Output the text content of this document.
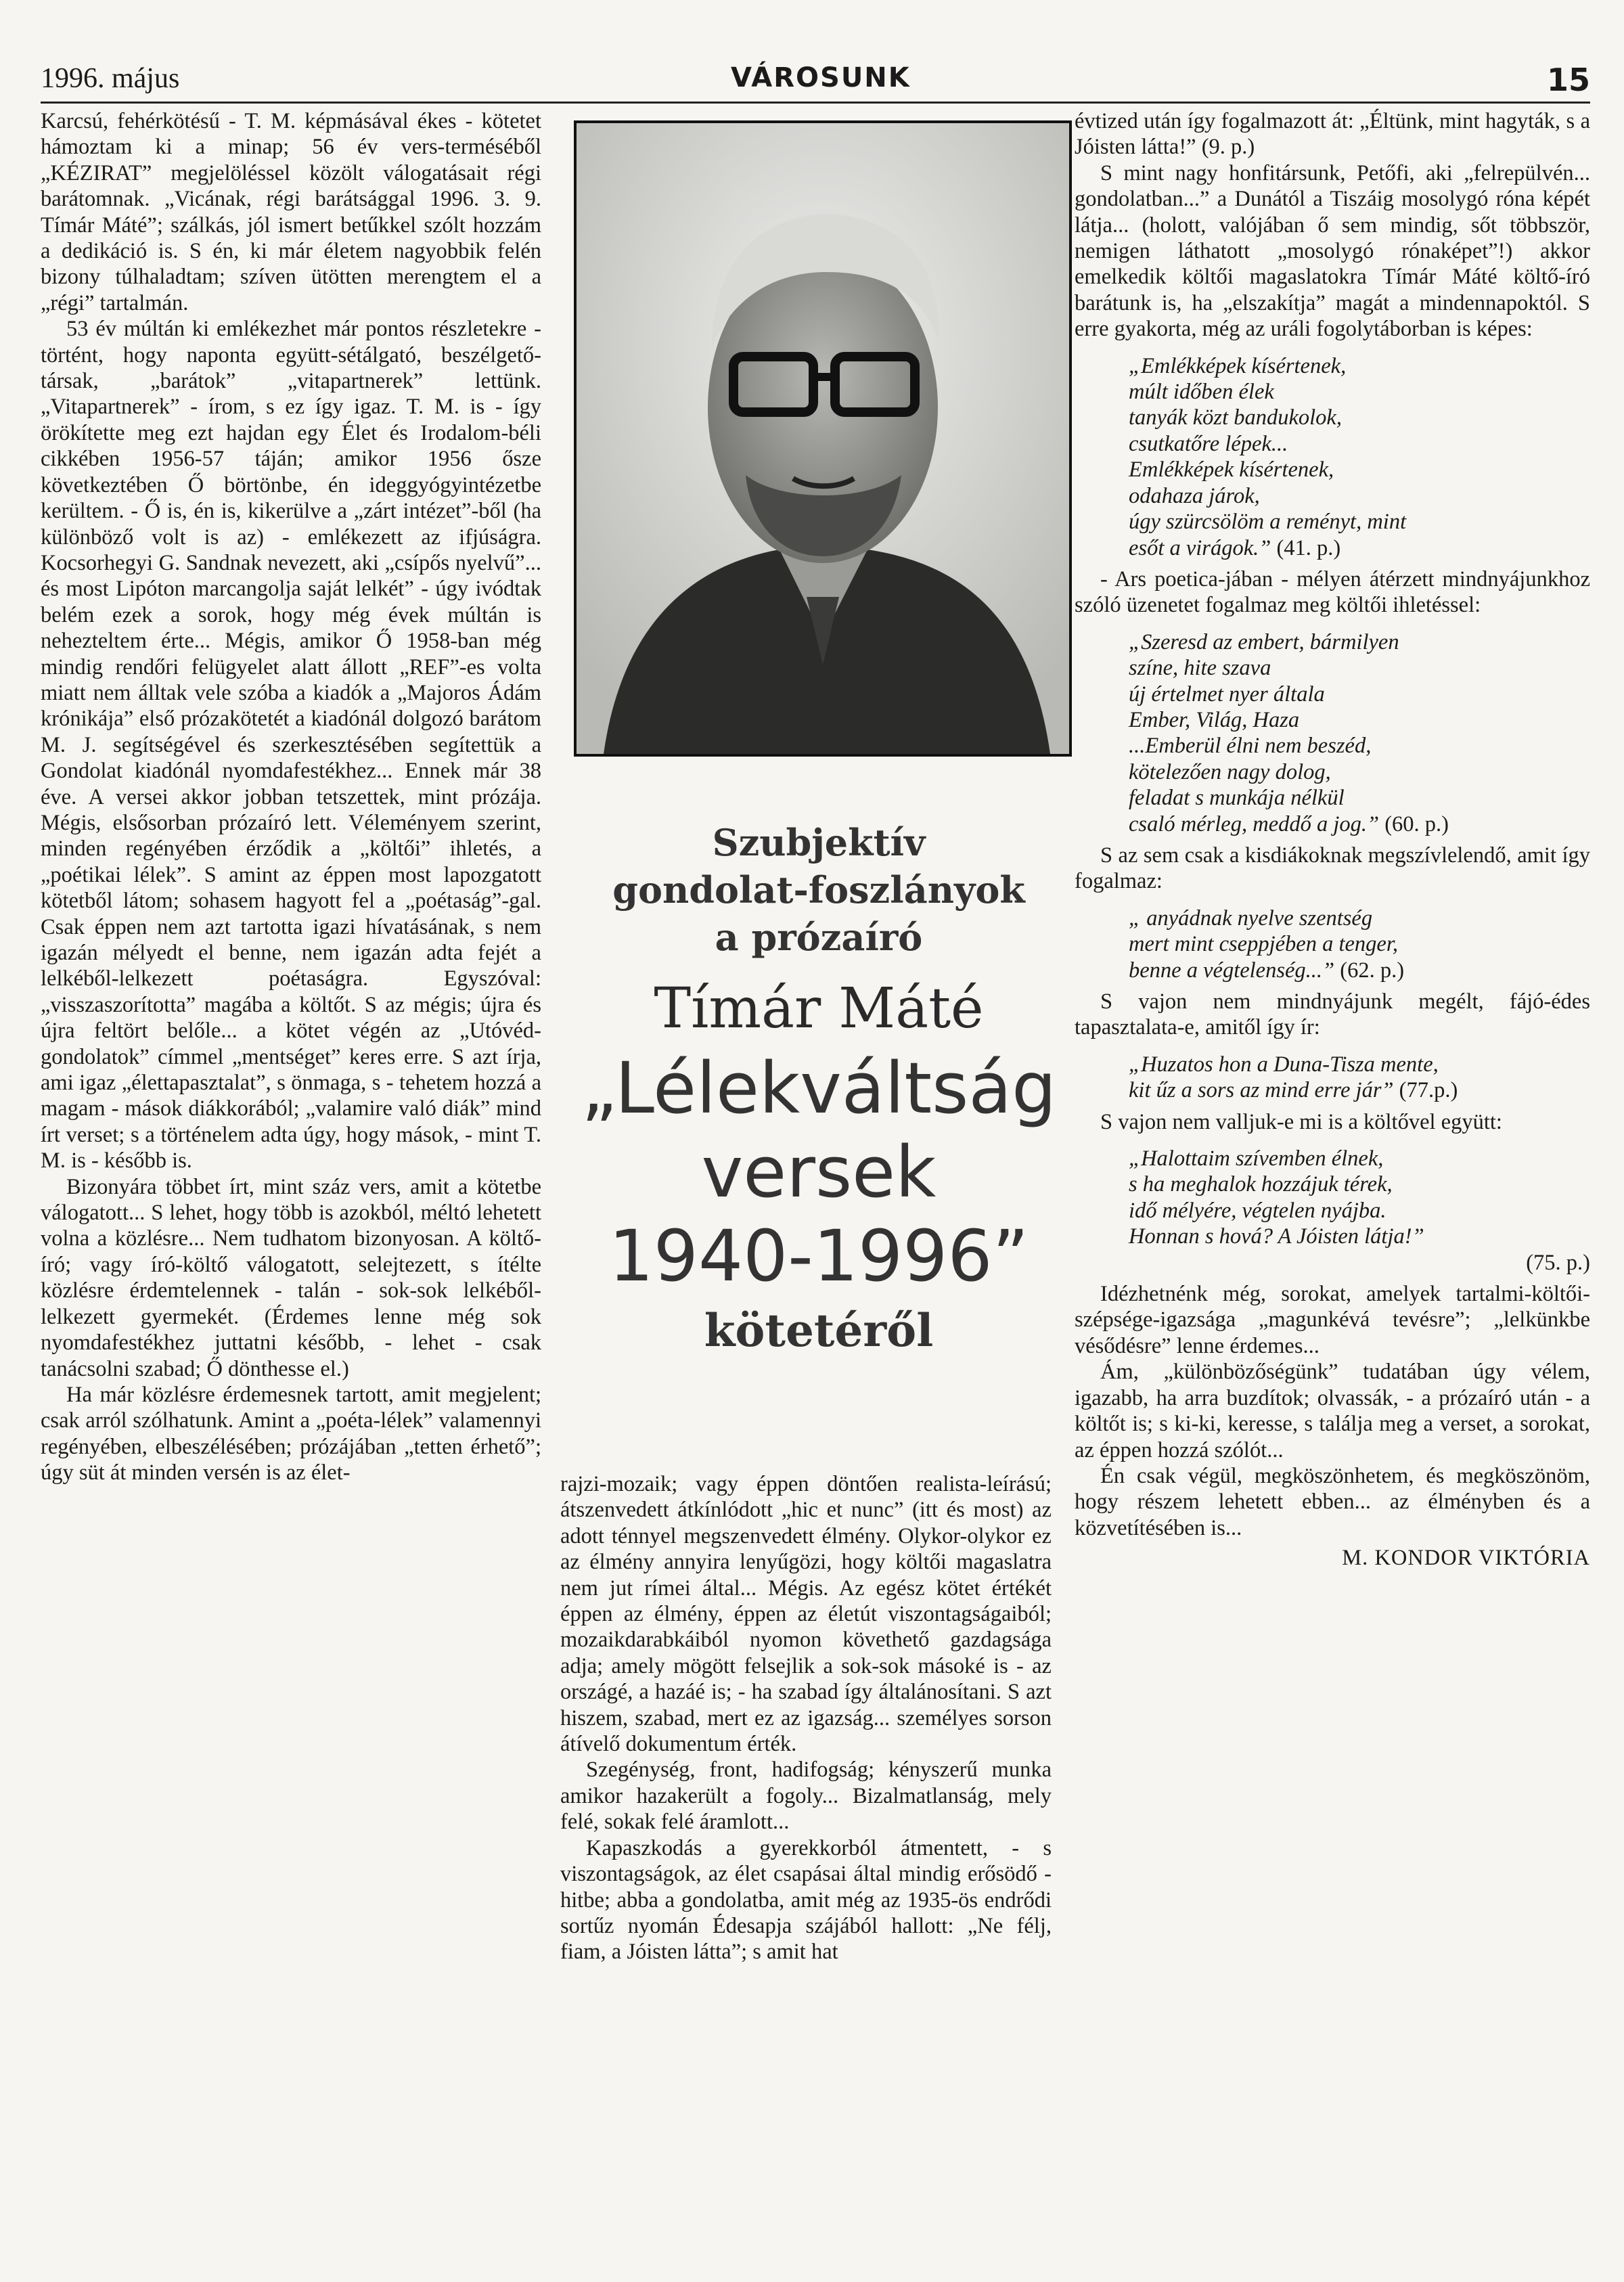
1996. május	VÁROSUNK	15

Karcsú, fehérkötésű - T. M. képmásával ékes - kötetet hámoztam ki a minap; 56 év vers-terméséből „KÉZIRAT” megjelöléssel közölt válogatásait régi barátomnak. „Vicának, régi barátsággal 1996. 3. 9. Tímár Máté”; szálkás, jól ismert betűkkel szólt hozzám a dedikáció is. S én, ki már életem nagyobbik felén bizony túlhaladtam; szíven ütötten merengtem el a „régi” tartalmán.

53 év múltán ki emlékezhet már pontos részletekre - történt, hogy naponta együtt-sétálgató, beszélgető-társak, „barátok” „vitapartnerek” lettünk. „Vitapartnerek” - írom, s ez így igaz. T. M. is - így örökítette meg ezt hajdan egy Élet és Irodalom-béli cikkében 1956-57 táján; amikor 1956 ősze következtében Ő börtönbe, én ideggyógyintézetbe kerültem. - Ő is, én is, kikerülve a „zárt intézet”-ből (ha különböző volt is az) - emlékezett az ifjúságra. Kocsorhegyi G. Sandnak nevezett, aki „csípős nyelvű”... és most Lipóton marcangolja saját lelkét” - úgy ivódtak belém ezek a sorok, hogy még évek múltán is nehezteltem érte... Mégis, amikor Ő 1958-ban még mindig rendőri felügyelet alatt állott „REF”-es volta miatt nem álltak vele szóba a kiadók a „Majoros Ádám krónikája” első prózakötetét a kiadónál dolgozó barátom M. J. segítségével és szerkesztésében segítettük a Gondolat kiadónál nyomdafestékhez... Ennek már 38 éve. A versei akkor jobban tetszettek, mint prózája. Mégis, elsősorban prózaíró lett. Véleményem szerint, minden regényében érződik a „költői” ihletés, a „poétikai lélek”. S amint az éppen most lapozgatott kötetből látom; sohasem hagyott fel a „poétaság”-gal. Csak éppen nem azt tartotta igazi hívatásának, s nem igazán mélyedt el benne, nem igazán adta fejét a lelkéből-lelkezett poétaságra. Egyszóval: „visszaszorította” magába a költőt. S az mégis; újra és újra feltört belőle... a kötet végén az „Utóvéd-gondolatok” címmel „mentséget” keres erre. S azt írja, ami igaz „élettapasztalat”, s önmaga, s - tehetem hozzá a magam - mások diákkorából; „valamire való diák” mind írt verset; s a történelem adta úgy, hogy mások, - mint T. M. is - később is.

Bizonyára többet írt, mint száz vers, amit a kötetbe válogatott... S lehet, hogy több is azokból, méltó lehetett volna a közlésre... Nem tudhatom bizonyosan. A költő-író; vagy író-költő válogatott, selejtezett, s ítélte közlésre érdemtelennek - talán - sok-sok lelkéből-lelkezett gyermekét. (Érdemes lenne még sok nyomdafestékhez juttatni később, - lehet - csak tanácsolni szabad; Ő dönthesse el.)

Ha már közlésre érdemesnek tartott, amit megjelent; csak arról szólhatunk. Amint a „poéta-lélek” valamennyi regényében, elbeszélésében; prózájában „tetten érhető”; úgy süt át minden versén is az élet-

Szubjektív
gondolat-foszlányok
a prózaíró
Tímár Máté
„Lélekváltság
versek
1940-1996”
kötetéről

rajzi-mozaik; vagy éppen döntően realista-leírású; átszenvedett átkínlódott „hic et nunc” (itt és most) az adott ténnyel megszenvedett élmény. Olykor-olykor ez az élmény annyira lenyűgözi, hogy költői magaslatra nem jut rímei által... Mégis. Az egész kötet értékét éppen az élmény, éppen az életút viszontagságaiból; mozaikdarabkáiból nyomon követhető gazdagsága adja; amely mögött felsejlik a sok-sok másoké is - az országé, a hazáé is; - ha szabad így általánosítani. S azt hiszem, szabad, mert ez az igazság... személyes sorson átívelő dokumentum érték.

Szegénység, front, hadifogság; kényszerű munka amikor hazakerült a fogoly... Bizalmatlanság, mely felé, sokak felé áramlott...

Kapaszkodás a gyerekkorból átmentett, - s viszontagságok, az élet csapásai által mindig erősödő - hitbe; abba a gondolatba, amit még az 1935-ös endrődi sortűz nyomán Édesapja szájából hallott: „Ne félj, fiam, a Jóisten látta”; s amit hat

évtized után így fogalmazott át: „Éltünk, mint hagyták, s a Jóisten látta!” (9. p.)

S mint nagy honfitársunk, Petőfi, aki „felrepülvén... gondolatban...” a Dunától a Tiszáig mosolygó róna képét látja... (holott, valójában ő sem mindig, sőt többször, nemigen láthatott „mosolygó rónaképet”!) akkor emelkedik költői magaslatokra Tímár Máté költő-író barátunk is, ha „elszakítja” magát a mindennapoktól. S erre gyakorta, még az uráli fogolytáborban is képes:

„Emlékképek kísértenek,
múlt időben élek
tanyák közt bandukolok,
csutkatőre lépek...
Emlékképek kísértenek,
odahaza járok,
úgy szürcsölöm a reményt, mint
esőt a virágok.” (41. p.)

- Ars poetica-jában - mélyen átérzett mindnyájunkhoz szóló üzenetet fogalmaz meg költői ihletéssel:

„Szeresd az embert, bármilyen
színe, hite szava
új értelmet nyer általa
Ember, Világ, Haza
...Emberül élni nem beszéd,
kötelezően nagy dolog,
feladat s munkája nélkül
csaló mérleg, meddő a jog.” (60. p.)

S az sem csak a kisdiákoknak megszívlelendő, amit így fogalmaz:

„ anyádnak nyelve szentség
mert mint cseppjében a tenger,
benne a végtelenség...” (62. p.)

S vajon nem mindnyájunk megélt, fájó-édes tapasztalata-e, amitől így ír:

„Huzatos hon a Duna-Tisza mente,
kit űz a sors az mind erre jár” (77.p.)

S vajon nem valljuk-e mi is a költővel együtt:

„Halottaim szívemben élnek,
s ha meghalok hozzájuk térek,
idő mélyére, végtelen nyájba.
Honnan s hová? A Jóisten látja!”
(75. p.)

Idézhetnénk még, sorokat, amelyek tartalmi-költői-szépsége-igazsága „magunkévá tevésre”; „lelkünkbe vésődésre” lenne érdemes...

Ám, „különbözőségünk” tudatában úgy vélem, igazabb, ha arra buzdítok; olvassák, - a prózaíró után - a költőt is; s ki-ki, keresse, s találja meg a verset, a sorokat, az éppen hozzá szólót...

Én csak végül, megköszönhetem, és megköszönöm, hogy részem lehetett ebben... az élményben és a közvetítésében is...

M. KONDOR VIKTÓRIA
